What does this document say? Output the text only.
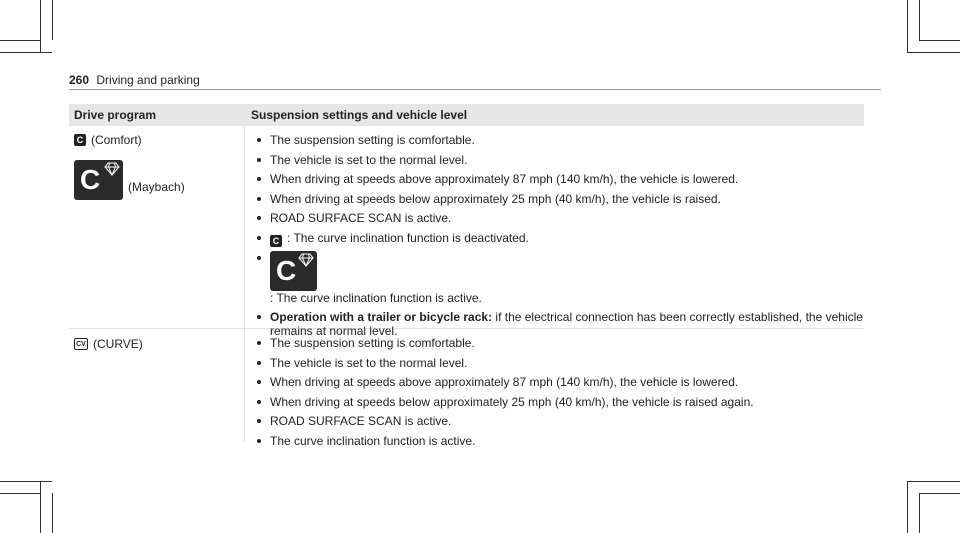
260 Driving and parking
Drive program	Suspension settings and vehicle level
C (Comfort)
C (Maybach)
The suspension setting is comfortable.
The vehicle is set to the normal level.
When driving at speeds above approximately 87 mph (140 km/h), the vehicle is lowered.
When driving at speeds below approximately 25 mph (40 km/h), the vehicle is raised.
ROAD SURFACE SCAN is active.
C : The curve inclination function is deactivated.
C
: The curve inclination function is active.
Operation with a trailer or bicycle rack: if the electrical connection has been correctly established, the vehicle remains at normal level.
CV (CURVE)	The suspension setting is comfortable.
The vehicle is set to the normal level.
When driving at speeds above approximately 87 mph (140 km/h), the vehicle is lowered.
When driving at speeds below approximately 25 mph (40 km/h), the vehicle is raised again.
ROAD SURFACE SCAN is active.
The curve inclination function is active.
